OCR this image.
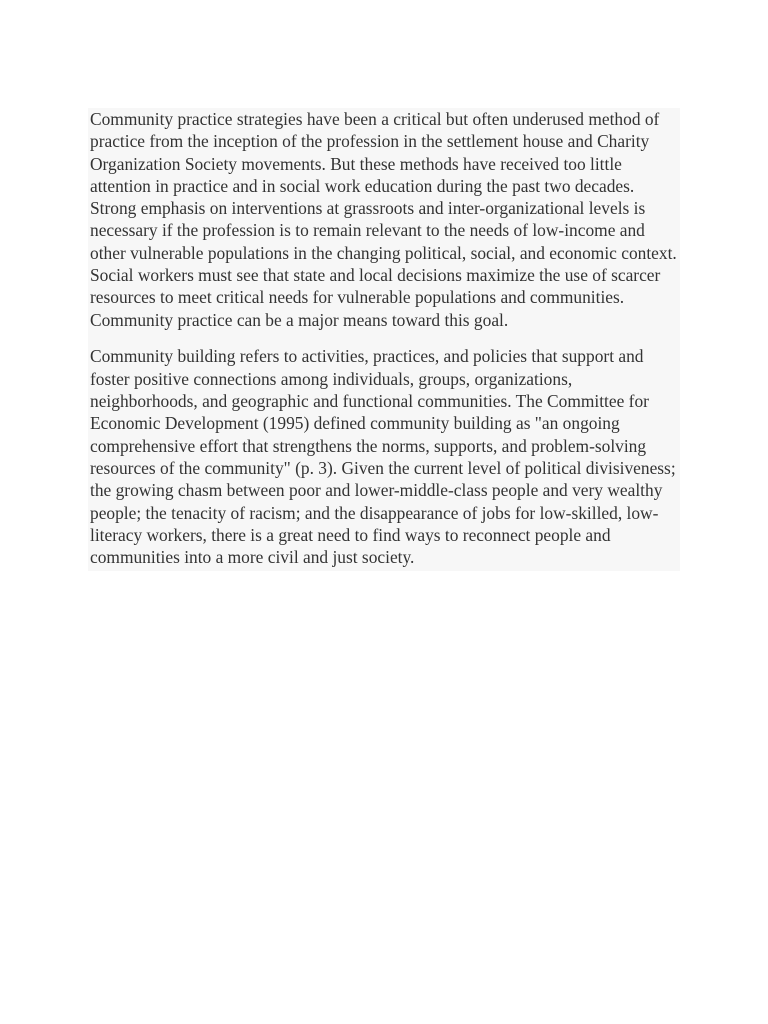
Community practice strategies have been a critical but often underused method of practice from the inception of the profession in the settlement house and Charity Organization Society movements. But these methods have received too little attention in practice and in social work education during the past two decades. Strong emphasis on interventions at grassroots and inter-organizational levels is necessary if the profession is to remain relevant to the needs of low-income and other vulnerable populations in the changing political, social, and economic context. Social workers must see that state and local decisions maximize the use of scarcer resources to meet critical needs for vulnerable populations and communities. Community practice can be a major means toward this goal.

Community building refers to activities, practices, and policies that support and foster positive connections among individuals, groups, organizations, neighborhoods, and geographic and functional communities. The Committee for Economic Development (1995) defined community building as "an ongoing comprehensive effort that strengthens the norms, supports, and problem-solving resources of the community" (p. 3). Given the current level of political divisiveness; the growing chasm between poor and lower-middle-class people and very wealthy people; the tenacity of racism; and the disappearance of jobs for low-skilled, low-literacy workers, there is a great need to find ways to reconnect people and communities into a more civil and just society.
